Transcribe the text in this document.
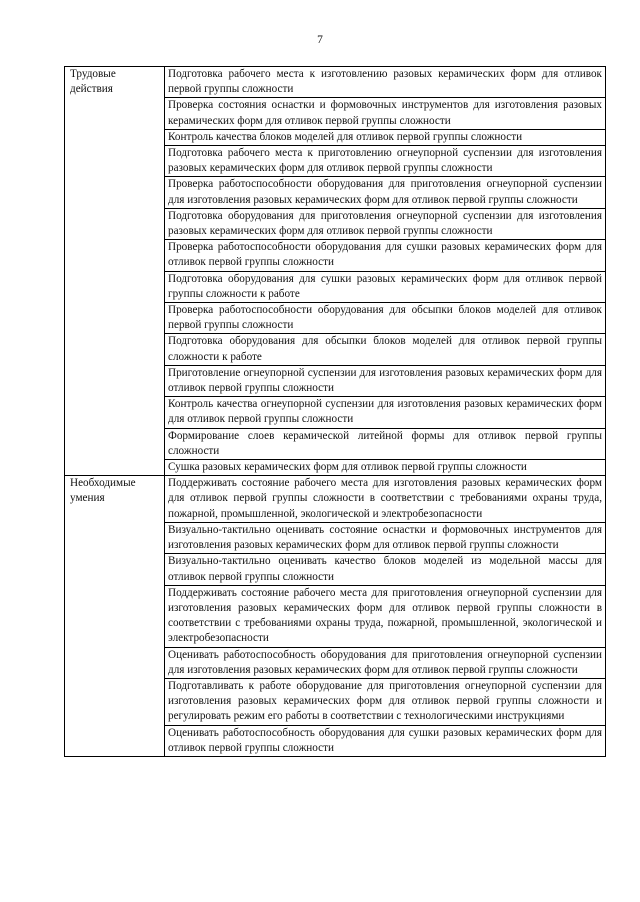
7
Трудовые действия	Подготовка рабочего места к изготовлению разовых керамических форм для отливок первой группы сложности
	Проверка состояния оснастки и формовочных инструментов для изготовления разовых керамических форм для отливок первой группы сложности
	Контроль качества блоков моделей для отливок первой группы сложности
	Подготовка рабочего места к приготовлению огнеупорной суспензии для изготовления разовых керамических форм для отливок первой группы сложности
	Проверка работоспособности оборудования для приготовления огнеупорной суспензии для изготовления разовых керамических форм для отливок первой группы сложности
	Подготовка оборудования для приготовления огнеупорной суспензии для изготовления разовых керамических форм для отливок первой группы сложности
	Проверка работоспособности оборудования для сушки разовых керамических форм для отливок первой группы сложности
	Подготовка оборудования для сушки разовых керамических форм для отливок первой группы сложности к работе
	Проверка работоспособности оборудования для обсыпки блоков моделей для отливок первой группы сложности
	Подготовка оборудования для обсыпки блоков моделей для отливок первой группы сложности к работе
	Приготовление огнеупорной суспензии для изготовления разовых керамических форм для отливок первой группы сложности
	Контроль качества огнеупорной суспензии для изготовления разовых керамических форм для отливок первой группы сложности
	Формирование слоев керамической литейной формы для отливок первой группы сложности
	Сушка разовых керамических форм для отливок первой группы сложности
Необходимые умения	Поддерживать состояние рабочего места для изготовления разовых керамических форм для отливок первой группы сложности в соответствии с требованиями охраны труда, пожарной, промышленной, экологической и электробезопасности
	Визуально-тактильно оценивать состояние оснастки и формовочных инструментов для изготовления разовых керамических форм для отливок первой группы сложности
	Визуально-тактильно оценивать качество блоков моделей из модельной массы для отливок первой группы сложности
	Поддерживать состояние рабочего места для приготовления огнеупорной суспензии для изготовления разовых керамических форм для отливок первой группы сложности в соответствии с требованиями охраны труда, пожарной, промышленной, экологической и электробезопасности
	Оценивать работоспособность оборудования для приготовления огнеупорной суспензии для изготовления разовых керамических форм для отливок первой группы сложности
	Подготавливать к работе оборудование для приготовления огнеупорной суспензии для изготовления разовых керамических форм для отливок первой группы сложности и регулировать режим его работы в соответствии с технологическими инструкциями
	Оценивать работоспособность оборудования для сушки разовых керамических форм для отливок первой группы сложности
